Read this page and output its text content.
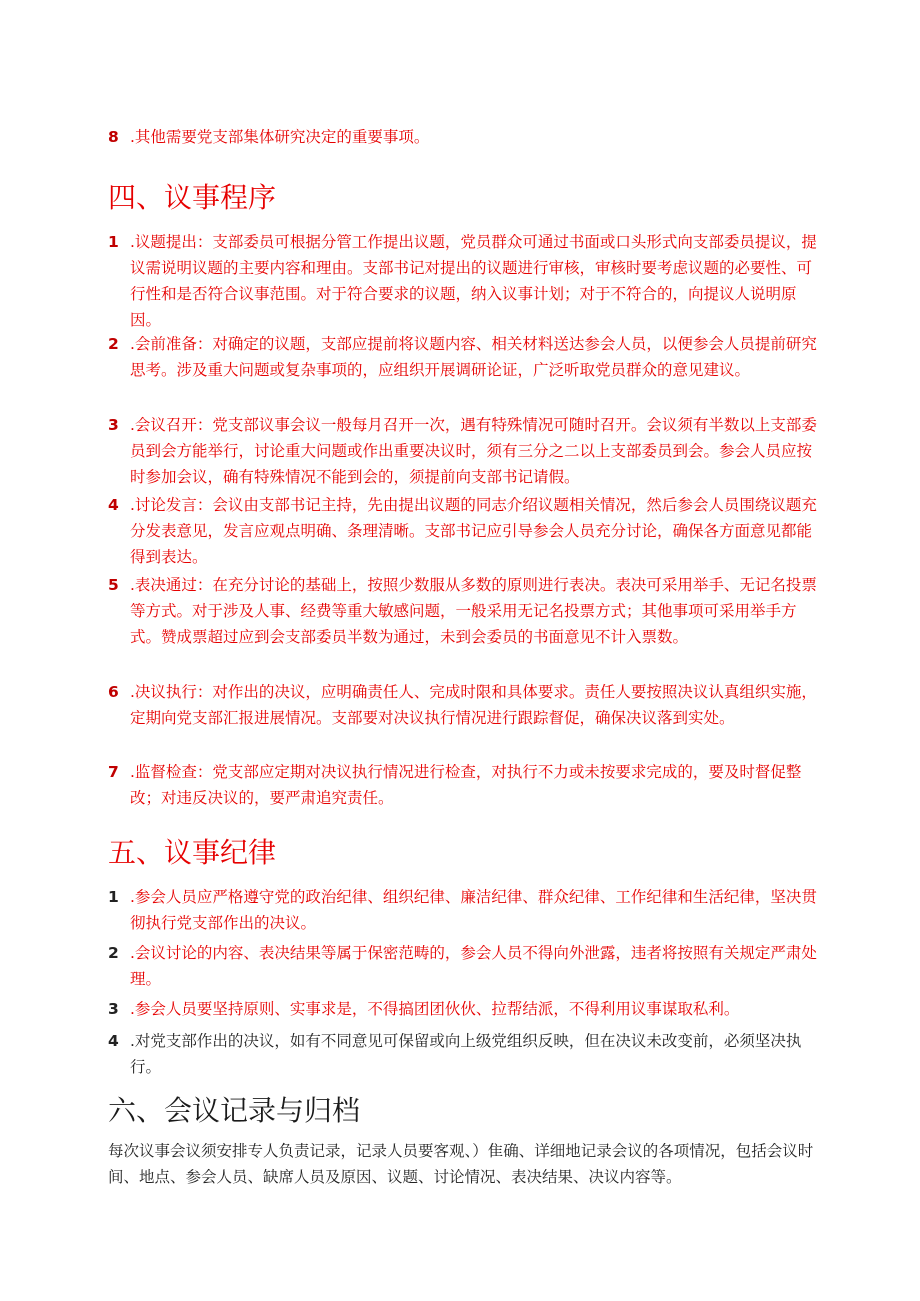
8 .其他需要党支部集体研究决定的重要事项。
四、议事程序
1 .议题提出：支部委员可根据分管工作提出议题，党员群众可通过书面或口头形式向支部委员提议，提议需说明议题的主要内容和理由。支部书记对提出的议题进行审核，审核时要考虑议题的必要性、可行性和是否符合议事范围。对于符合要求的议题，纳入议事计划；对于不符合的，向提议人说明原因。
2 .会前准备：对确定的议题，支部应提前将议题内容、相关材料送达参会人员，以便参会人员提前研究思考。涉及重大问题或复杂事项的，应组织开展调研论证，广泛听取党员群众的意见建议。
3 .会议召开：党支部议事会议一般每月召开一次，遇有特殊情况可随时召开。会议须有半数以上支部委员到会方能举行，讨论重大问题或作出重要决议时，须有三分之二以上支部委员到会。参会人员应按时参加会议，确有特殊情况不能到会的，须提前向支部书记请假。
4 .讨论发言：会议由支部书记主持，先由提出议题的同志介绍议题相关情况，然后参会人员围绕议题充分发表意见，发言应观点明确、条理清晰。支部书记应引导参会人员充分讨论，确保各方面意见都能得到表达。
5 .表决通过：在充分讨论的基础上，按照少数服从多数的原则进行表决。表决可采用举手、无记名投票等方式。对于涉及人事、经费等重大敏感问题，一般采用无记名投票方式；其他事项可采用举手方式。赞成票超过应到会支部委员半数为通过，未到会委员的书面意见不计入票数。
6 .决议执行：对作出的决议，应明确责任人、完成时限和具体要求。责任人要按照决议认真组织实施，定期向党支部汇报进展情况。支部要对决议执行情况进行跟踪督促，确保决议落到实处。
7 .监督检查：党支部应定期对决议执行情况进行检查，对执行不力或未按要求完成的，要及时督促整改；对违反决议的，要严肃追究责任。
五、议事纪律
1 .参会人员应严格遵守党的政治纪律、组织纪律、廉洁纪律、群众纪律、工作纪律和生活纪律，坚决贯彻执行党支部作出的决议。
2 .会议讨论的内容、表决结果等属于保密范畴的，参会人员不得向外泄露，违者将按照有关规定严肃处理。
3 .参会人员要坚持原则、实事求是，不得搞团团伙伙、拉帮结派，不得利用议事谋取私利。
4 .对党支部作出的决议，如有不同意见可保留或向上级党组织反映，但在决议未改变前，必须坚决执行。
六、会议记录与归档
每次议事会议须安排专人负责记录，记录人员要客观、）隹确、详细地记录会议的各项情况，包括会议时间、地点、参会人员、缺席人员及原因、议题、讨论情况、表决结果、决议内容等。
